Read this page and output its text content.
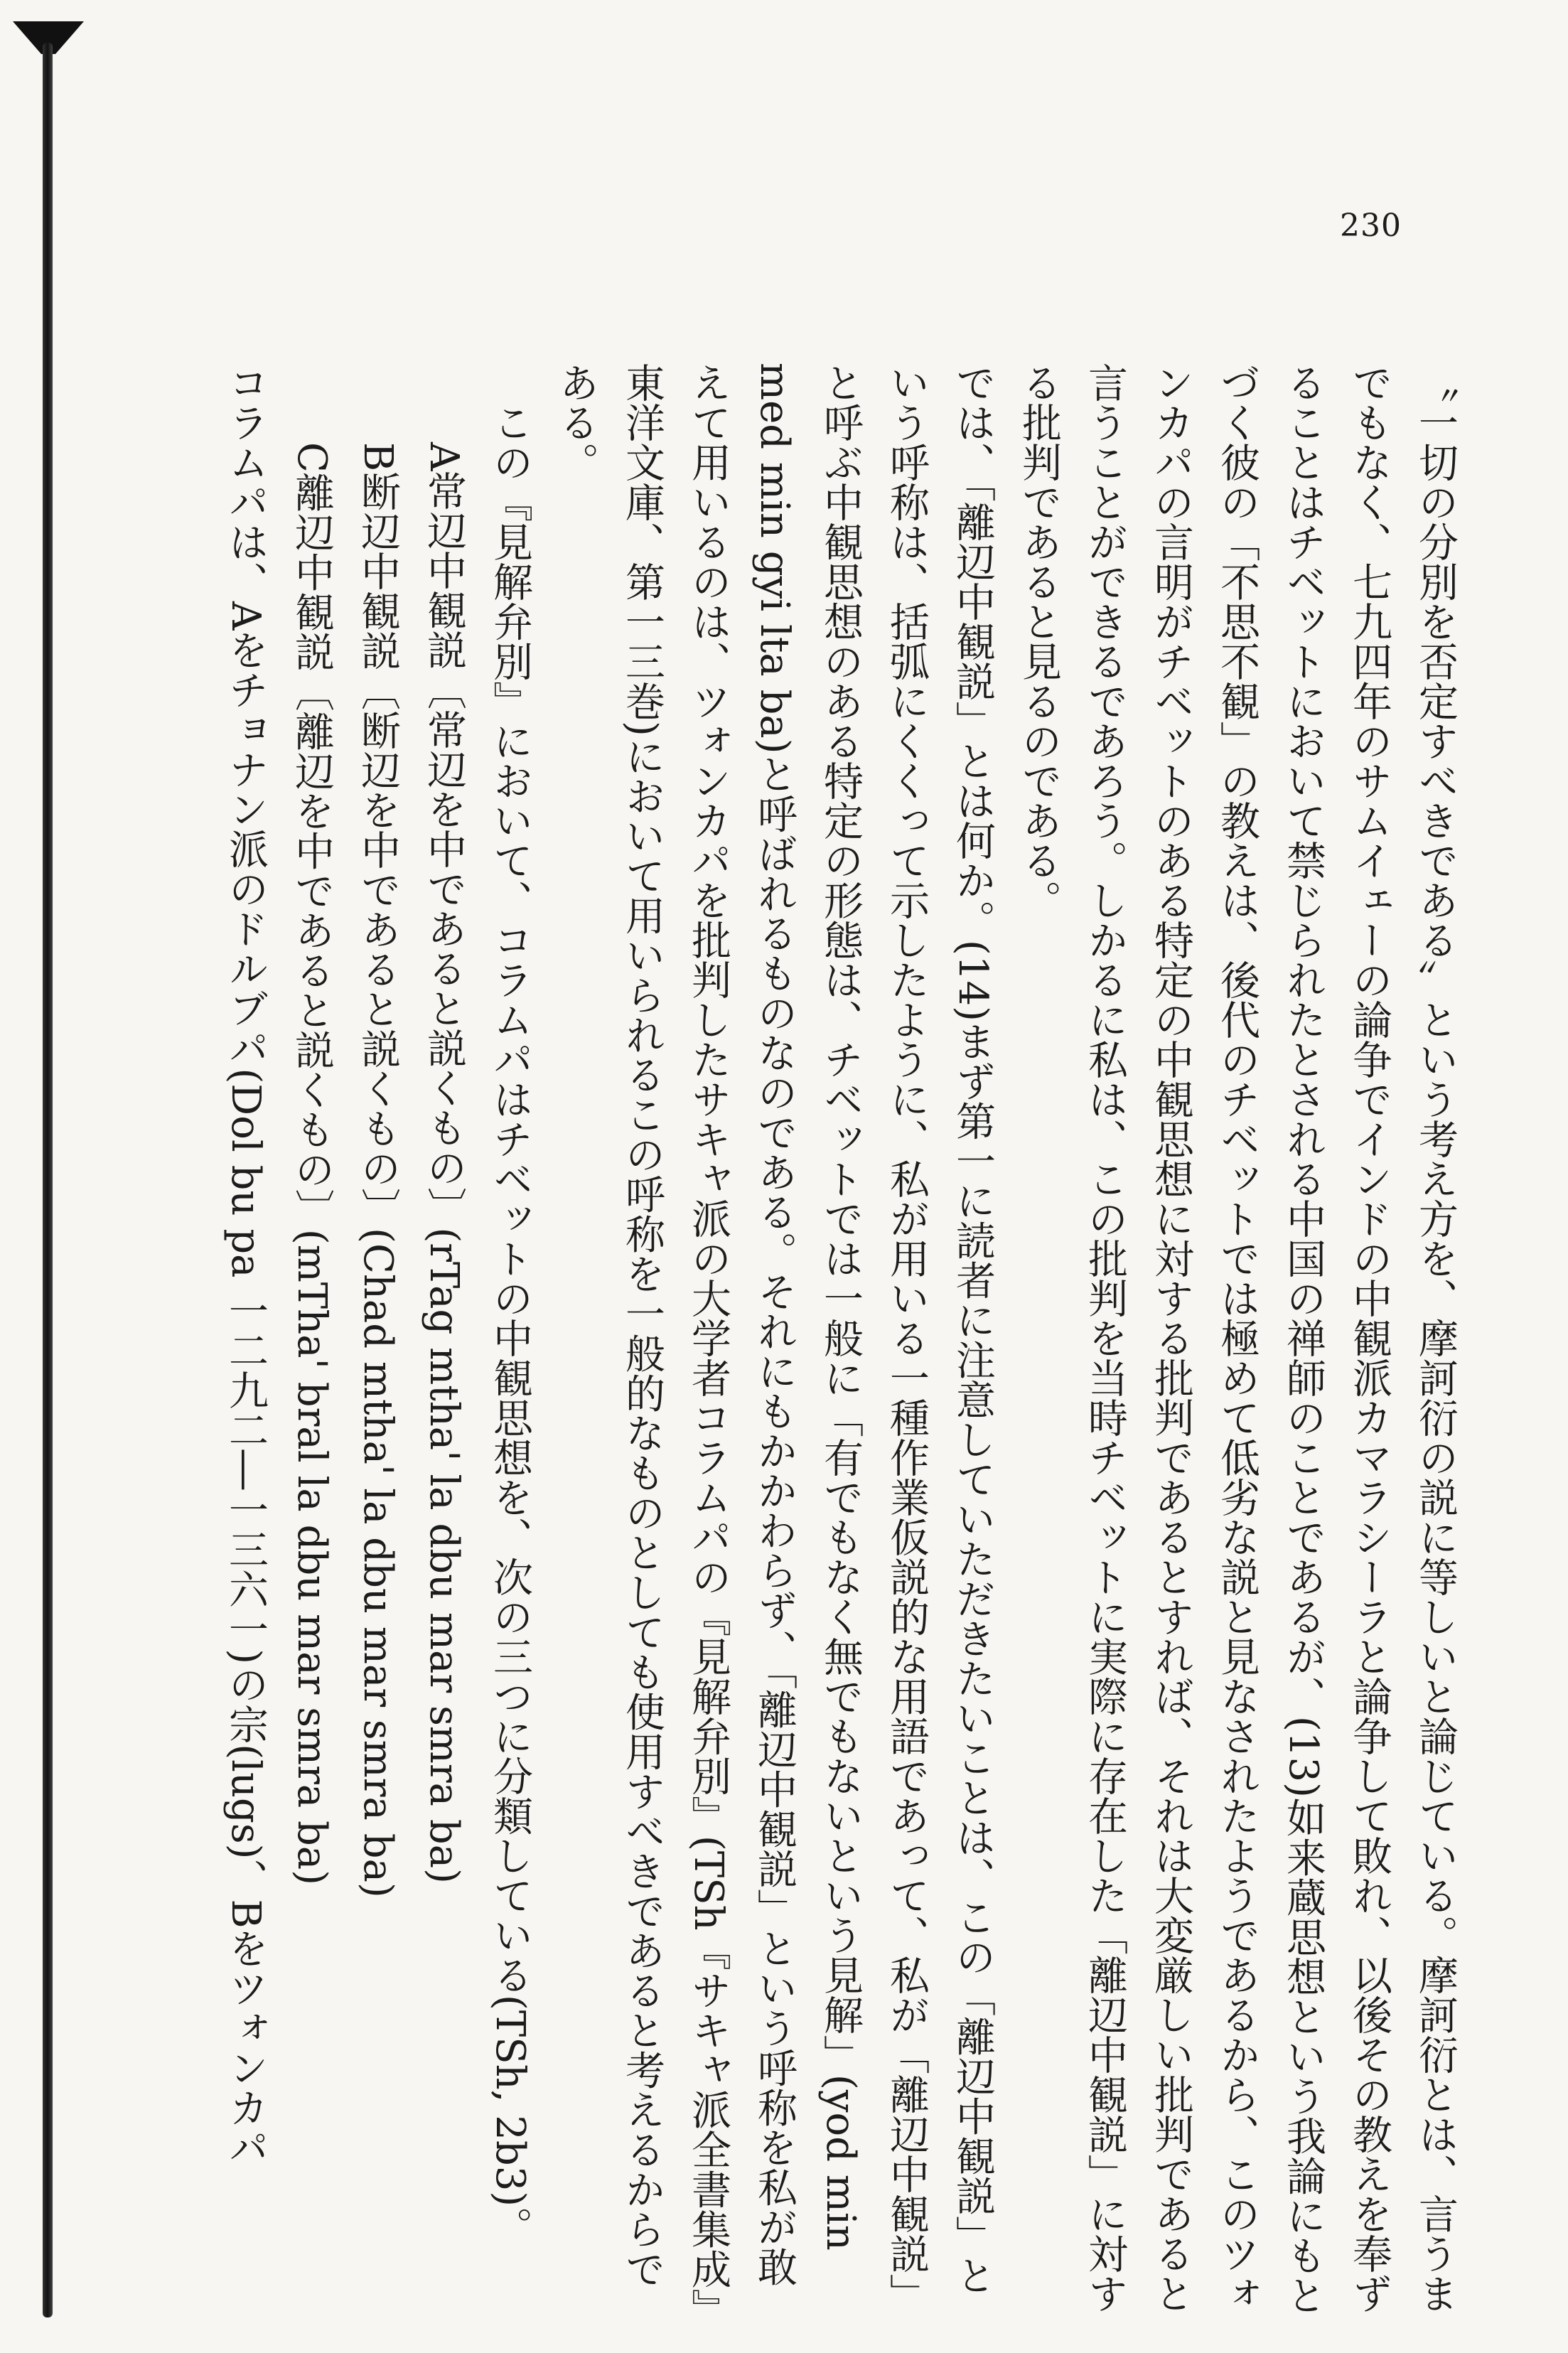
230

〝一切の分別を否定すべきである〟という考え方を、摩訶衍の説に等しいと論じている。摩訶衍とは、言うまでもなく、七九四年のサムイェーの論争でインドの中観派カマラシーラと論争して敗れ、以後その教えを奉ずることはチベットにおいて禁じられたとされる中国の禅師のことであるが、(13)如来蔵思想という我論にもとづく彼の「不思不観」の教えは、後代のチベットでは極めて低劣な説と見なされたようであるから、このツォンカパの言明がチベットのある特定の中観思想に対する批判であるとすれば、それは大変厳しい批判であると言うことができるであろう。しかるに私は、この批判を当時チベットに実際に存在した「離辺中観説」に対する批判であると見るのである。

では、「離辺中観説」とは何か。(14)まず第一に読者に注意していただきたいことは、この「離辺中観説」という呼称は、括弧にくくって示したように、私が用いる一種作業仮説的な用語であって、私が「離辺中観説」と呼ぶ中観思想のある特定の形態は、チベットでは一般に「有でもなく無でもないという見解」(yod min med min gyi lta ba)と呼ばれるものなのである。それにもかかわらず、「離辺中観説」という呼称を私が敢えて用いるのは、ツォンカパを批判したサキャ派の大学者コラムパの『見解弁別』(TSh『サキャ派全書集成』東洋文庫、第一三巻)において用いられるこの呼称を一般的なものとしても使用すべきであると考えるからである。

この『見解弁別』において、コラムパはチベットの中観思想を、次の三つに分類している(TSh, 2b3)。

A常辺中観説〔常辺を中であると説くもの〕(rTag mtha' la dbu mar smra ba)

B断辺中観説〔断辺を中であると説くもの〕(Chad mtha' la dbu mar smra ba)

C離辺中観説〔離辺を中であると説くもの〕(mTha' bral la dbu mar smra ba)

コラムパは、Aをチョナン派のドルブパ(Dol bu pa 一二九二―一三六一)の宗(lugs)、Bをツォンカパ
